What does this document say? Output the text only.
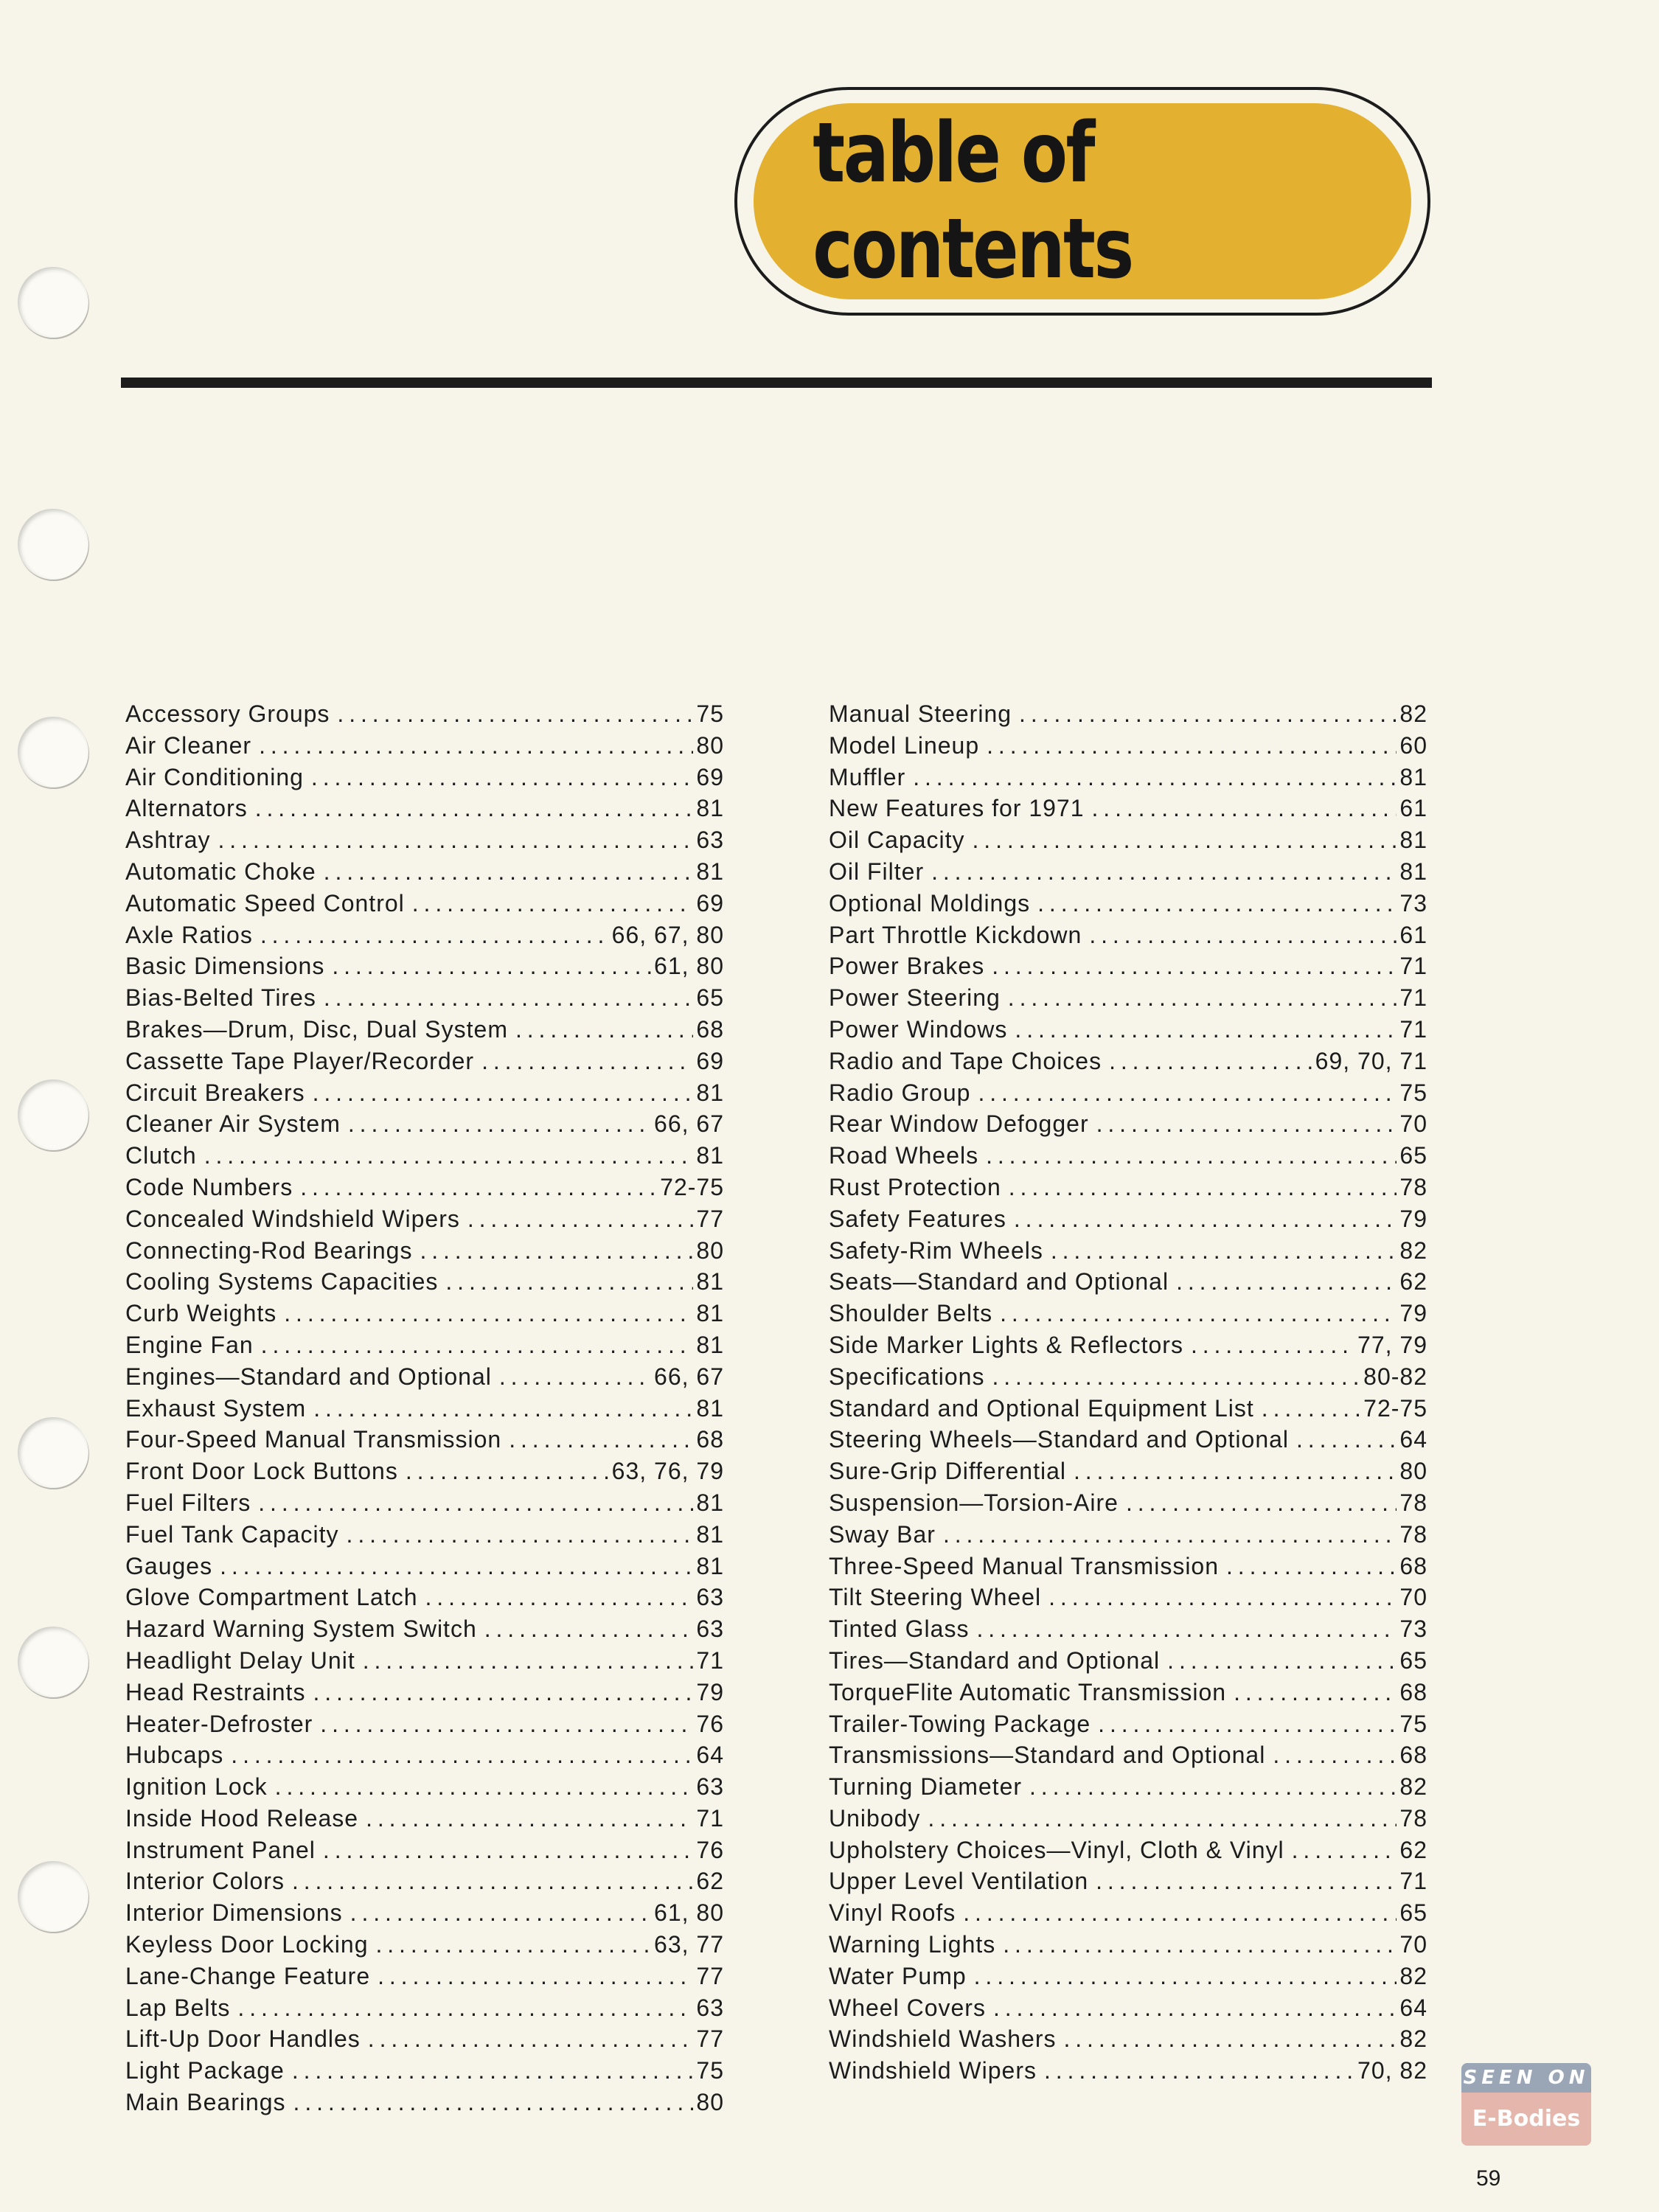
table of contents
Accessory Groups . . .	75
Air Cleaner . . .	80
Air Conditioning . . .	69
Alternators . . .	81
Ashtray . . .	63
Automatic Choke . . .	81
Automatic Speed Control . . .	69
Axle Ratios . . .	66, 67, 80
Basic Dimensions . . .	61, 80
Bias-Belted Tires . . .	65
Brakes—Drum, Disc, Dual System . . .	68
Cassette Tape Player/Recorder . . .	69
Circuit Breakers . . .	81
Cleaner Air System . . .	66, 67
Clutch . . .	81
Code Numbers . . .	72-75
Concealed Windshield Wipers . . .	77
Connecting-Rod Bearings . . .	80
Cooling Systems Capacities . . .	81
Curb Weights . . .	81
Engine Fan . . .	81
Engines—Standard and Optional . . .	66, 67
Exhaust System . . .	81
Four-Speed Manual Transmission . . .	68
Front Door Lock Buttons . . .	63, 76, 79
Fuel Filters . . .	81
Fuel Tank Capacity . . .	81
Gauges . . .	81
Glove Compartment Latch . . .	63
Hazard Warning System Switch . . .	63
Headlight Delay Unit . . .	71
Head Restraints . . .	79
Heater-Defroster . . .	76
Hubcaps . . .	64
Ignition Lock . . .	63
Inside Hood Release . . .	71
Instrument Panel . . .	76
Interior Colors . . .	62
Interior Dimensions . . .	61, 80
Keyless Door Locking . . .	63, 77
Lane-Change Feature . . .	77
Lap Belts . . .	63
Lift-Up Door Handles . . .	77
Light Package . . .	75
Main Bearings . . .	80
Manual Steering . . .	82
Model Lineup . . .	60
Muffler . . .	81
New Features for 1971 . . .	61
Oil Capacity . . .	81
Oil Filter . . .	81
Optional Moldings . . .	73
Part Throttle Kickdown . . .	61
Power Brakes . . .	71
Power Steering . . .	71
Power Windows . . .	71
Radio and Tape Choices . . .	69, 70, 71
Radio Group . . .	75
Rear Window Defogger . . .	70
Road Wheels . . .	65
Rust Protection . . .	78
Safety Features . . .	79
Safety-Rim Wheels . . .	82
Seats—Standard and Optional . . .	62
Shoulder Belts . . .	79
Side Marker Lights & Reflectors . . .	77, 79
Specifications . . .	80-82
Standard and Optional Equipment List . . .	72-75
Steering Wheels—Standard and Optional . . .	64
Sure-Grip Differential . . .	80
Suspension—Torsion-Aire . . .	78
Sway Bar . . .	78
Three-Speed Manual Transmission . . .	68
Tilt Steering Wheel . . .	70
Tinted Glass . . .	73
Tires—Standard and Optional . . .	65
TorqueFlite Automatic Transmission . . .	68
Trailer-Towing Package . . .	75
Transmissions—Standard and Optional . . .	68
Turning Diameter . . .	82
Unibody . . .	78
Upholstery Choices—Vinyl, Cloth & Vinyl . . .	62
Upper Level Ventilation . . .	71
Vinyl Roofs . . .	65
Warning Lights . . .	70
Water Pump . . .	82
Wheel Covers . . .	64
Windshield Washers . . .	82
Windshield Wipers . . .	70, 82 SEEN ON
E-Bodies
59
